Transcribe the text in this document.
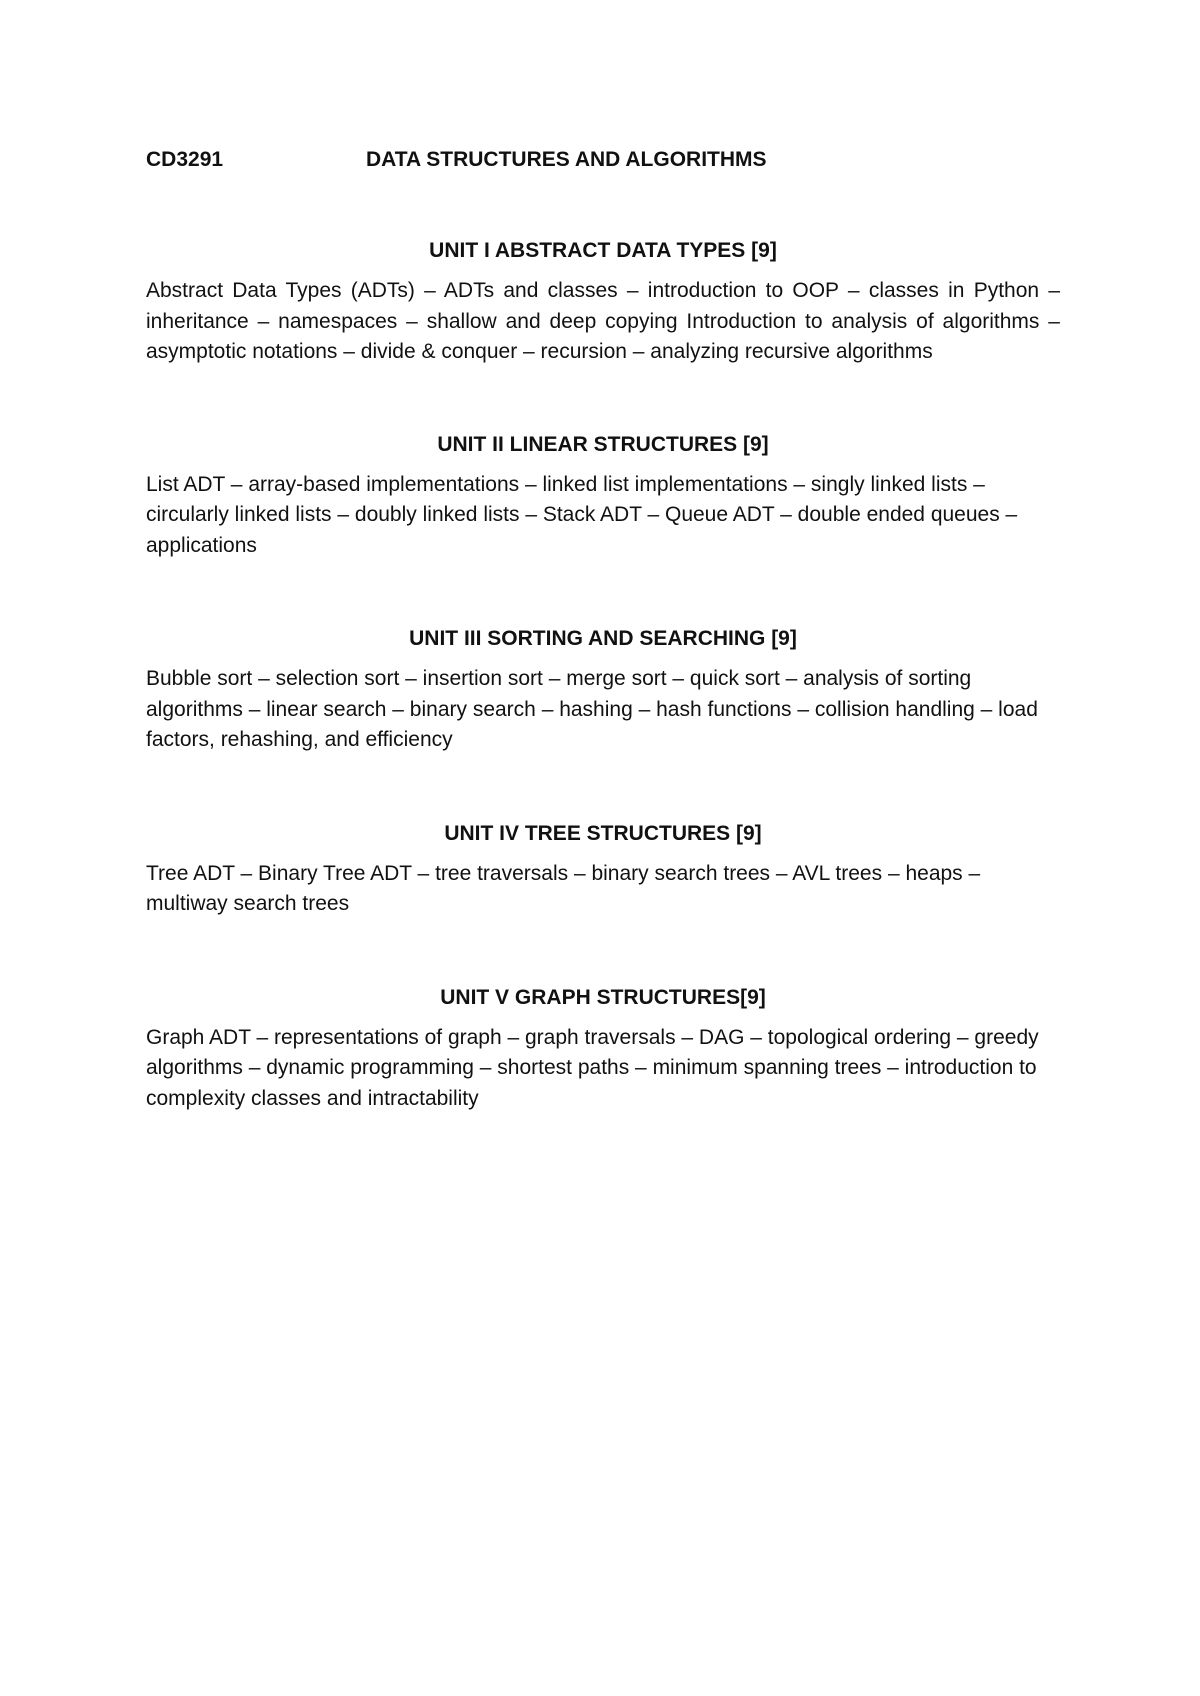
CD3291	DATA STRUCTURES AND ALGORITHMS
UNIT I ABSTRACT DATA TYPES [9]
Abstract Data Types (ADTs) – ADTs and classes – introduction to OOP – classes in Python –inheritance – namespaces – shallow and deep copying Introduction to analysis of algorithms – asymptotic notations – divide & conquer – recursion – analyzing recursive algorithms
UNIT II LINEAR STRUCTURES [9]
List ADT – array-based implementations – linked list implementations – singly linked lists –circularly linked lists – doubly linked lists – Stack ADT – Queue ADT – double ended queues –applications
UNIT III SORTING AND SEARCHING [9]
Bubble sort – selection sort – insertion sort – merge sort – quick sort – analysis of sorting algorithms – linear search – binary search – hashing – hash functions – collision handling – load factors, rehashing, and efficiency
UNIT IV TREE STRUCTURES [9]
Tree ADT – Binary Tree ADT – tree traversals – binary search trees – AVL trees – heaps – multiway search trees
UNIT V GRAPH STRUCTURES[9]
Graph ADT – representations of graph – graph traversals – DAG – topological ordering – greedy algorithms – dynamic programming – shortest paths – minimum spanning trees – introduction to complexity classes and intractability
